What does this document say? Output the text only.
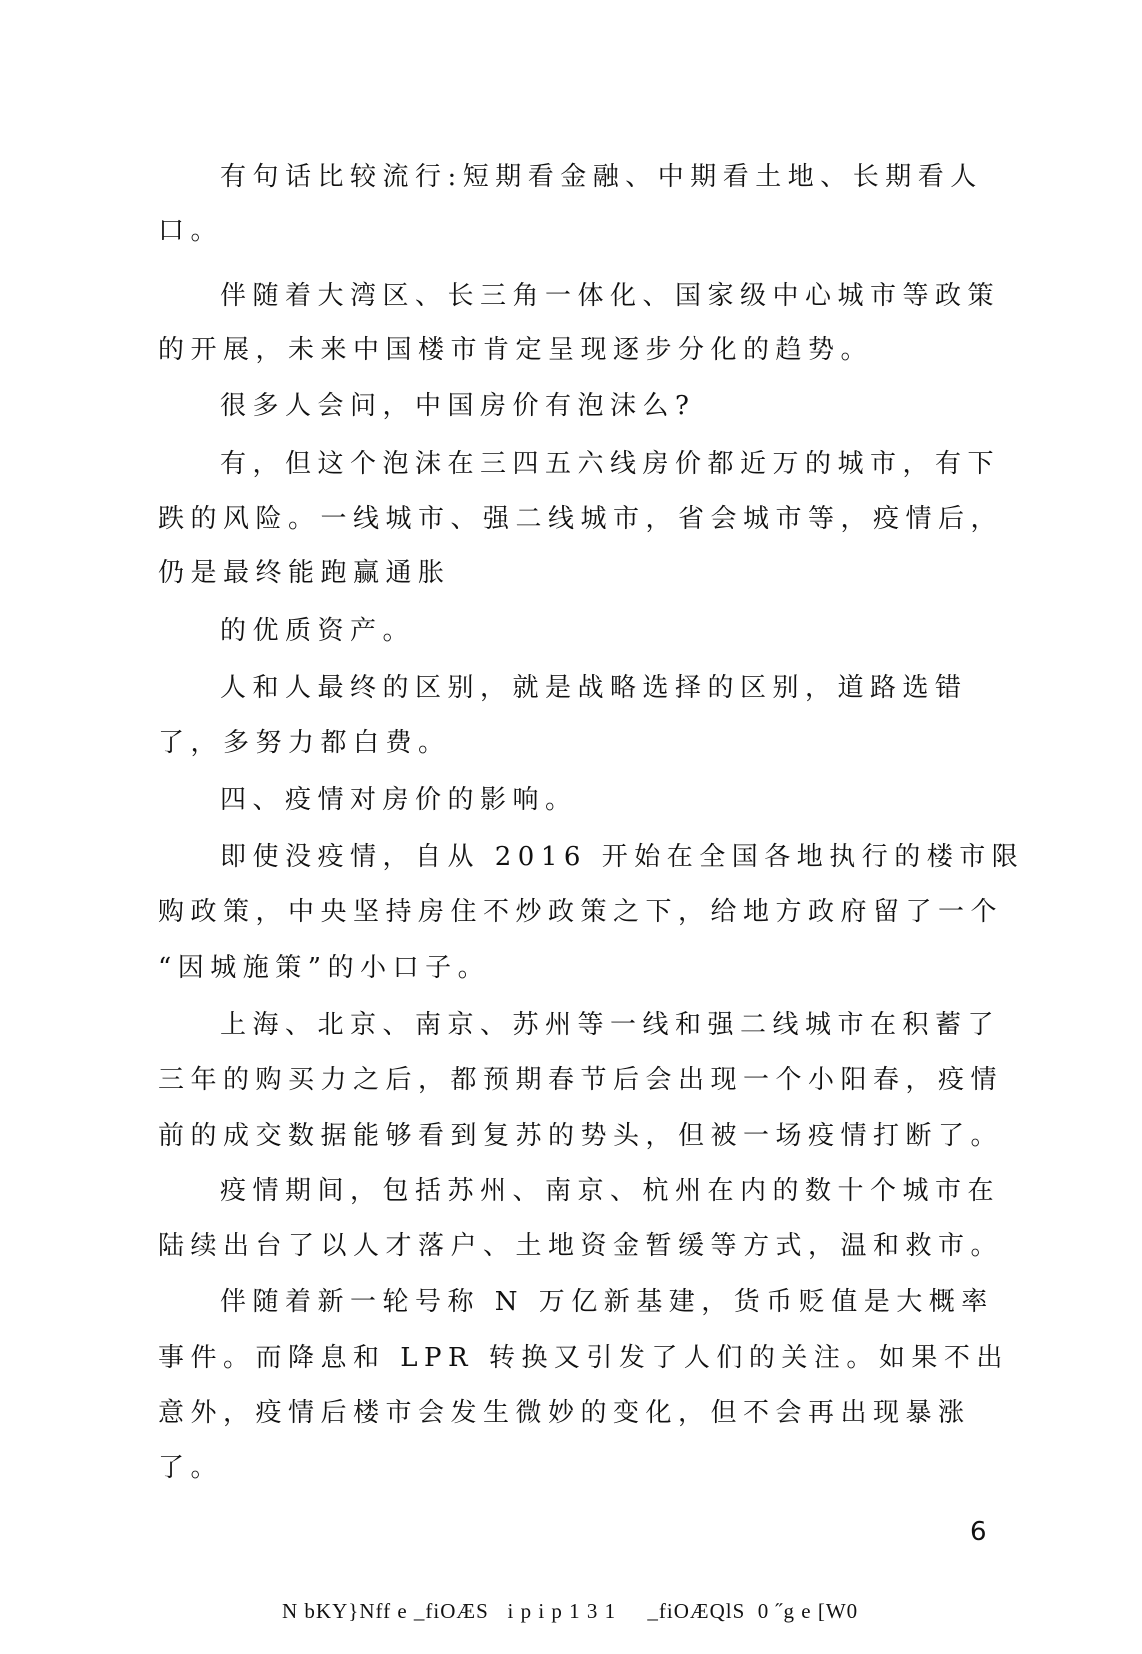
有句话比较流行:短期看金融、中期看土地、长期看人
口。
伴随着大湾区、长三角一体化、国家级中心城市等政策
的开展，未来中国楼市肯定呈现逐步分化的趋势。
很多人会问，中国房价有泡沫么?
有，但这个泡沫在三四五六线房价都近万的城市，有下
跌的风险。一线城市、强二线城市，省会城市等，疫情后，
仍是最终能跑赢通胀
的优质资产。
人和人最终的区别，就是战略选择的区别，道路选错
了，多努力都白费。
四、疫情对房价的影响。
即使没疫情，自从 2016 开始在全国各地执行的楼市限
购政策，中央坚持房住不炒政策之下，给地方政府留了一个
“因城施策”的小口子。
上海、北京、南京、苏州等一线和强二线城市在积蓄了
三年的购买力之后，都预期春节后会出现一个小阳春，疫情
前的成交数据能够看到复苏的势头，但被一场疫情打断了。
疫情期间，包括苏州、南京、杭州在内的数十个城市在
陆续出台了以人才落户、土地资金暂缓等方式，温和救市。
伴随着新一轮号称 N 万亿新基建，货币贬值是大概率
事件。而降息和 LPR 转换又引发了人们的关注。如果不出
意外，疫情后楼市会发生微妙的变化，但不会再出现暴涨
了。
6
N bKY}Nff e _fiOÆS   i p i p 1 3 1     _fiOÆQlS  0 ˝g e [W0
